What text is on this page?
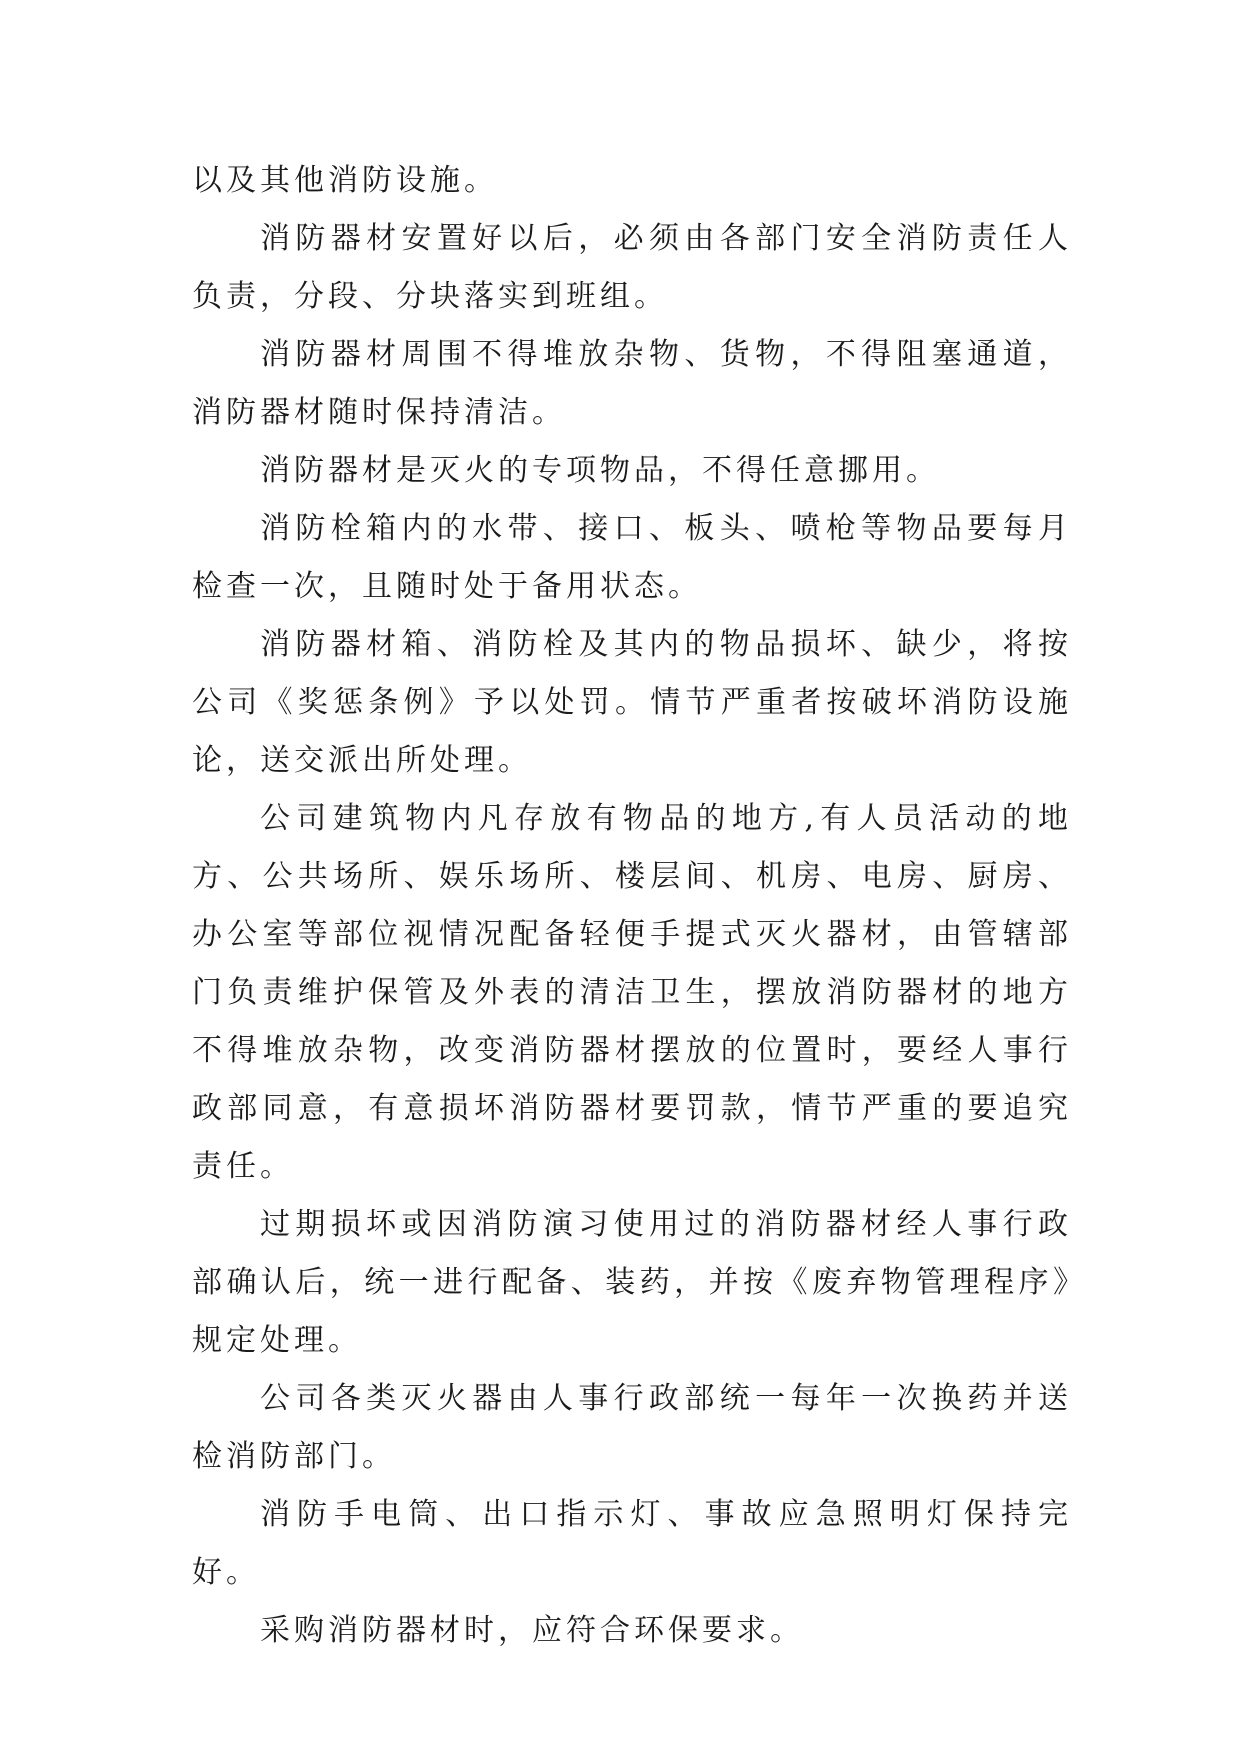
以及其他消防设施。

消防器材安置好以后，必须由各部门安全消防责任人负责，分段、分块落实到班组。

消防器材周围不得堆放杂物、货物，不得阻塞通道，消防器材随时保持清洁。

消防器材是灭火的专项物品，不得任意挪用。

消防栓箱内的水带、接口、板头、喷枪等物品要每月检查一次，且随时处于备用状态。

消防器材箱、消防栓及其内的物品损坏、缺少，将按公司《奖惩条例》予以处罚。情节严重者按破坏消防设施论，送交派出所处理。

公司建筑物内凡存放有物品的地方,有人员活动的地方、公共场所、娱乐场所、楼层间、机房、电房、厨房、办公室等部位视情况配备轻便手提式灭火器材，由管辖部门负责维护保管及外表的清洁卫生，摆放消防器材的地方不得堆放杂物，改变消防器材摆放的位置时，要经人事行政部同意，有意损坏消防器材要罚款，情节严重的要追究责任。

过期损坏或因消防演习使用过的消防器材经人事行政部确认后，统一进行配备、装药，并按《废弃物管理程序》规定处理。

公司各类灭火器由人事行政部统一每年一次换药并送检消防部门。

消防手电筒、出口指示灯、事故应急照明灯保持完好。

采购消防器材时，应符合环保要求。
